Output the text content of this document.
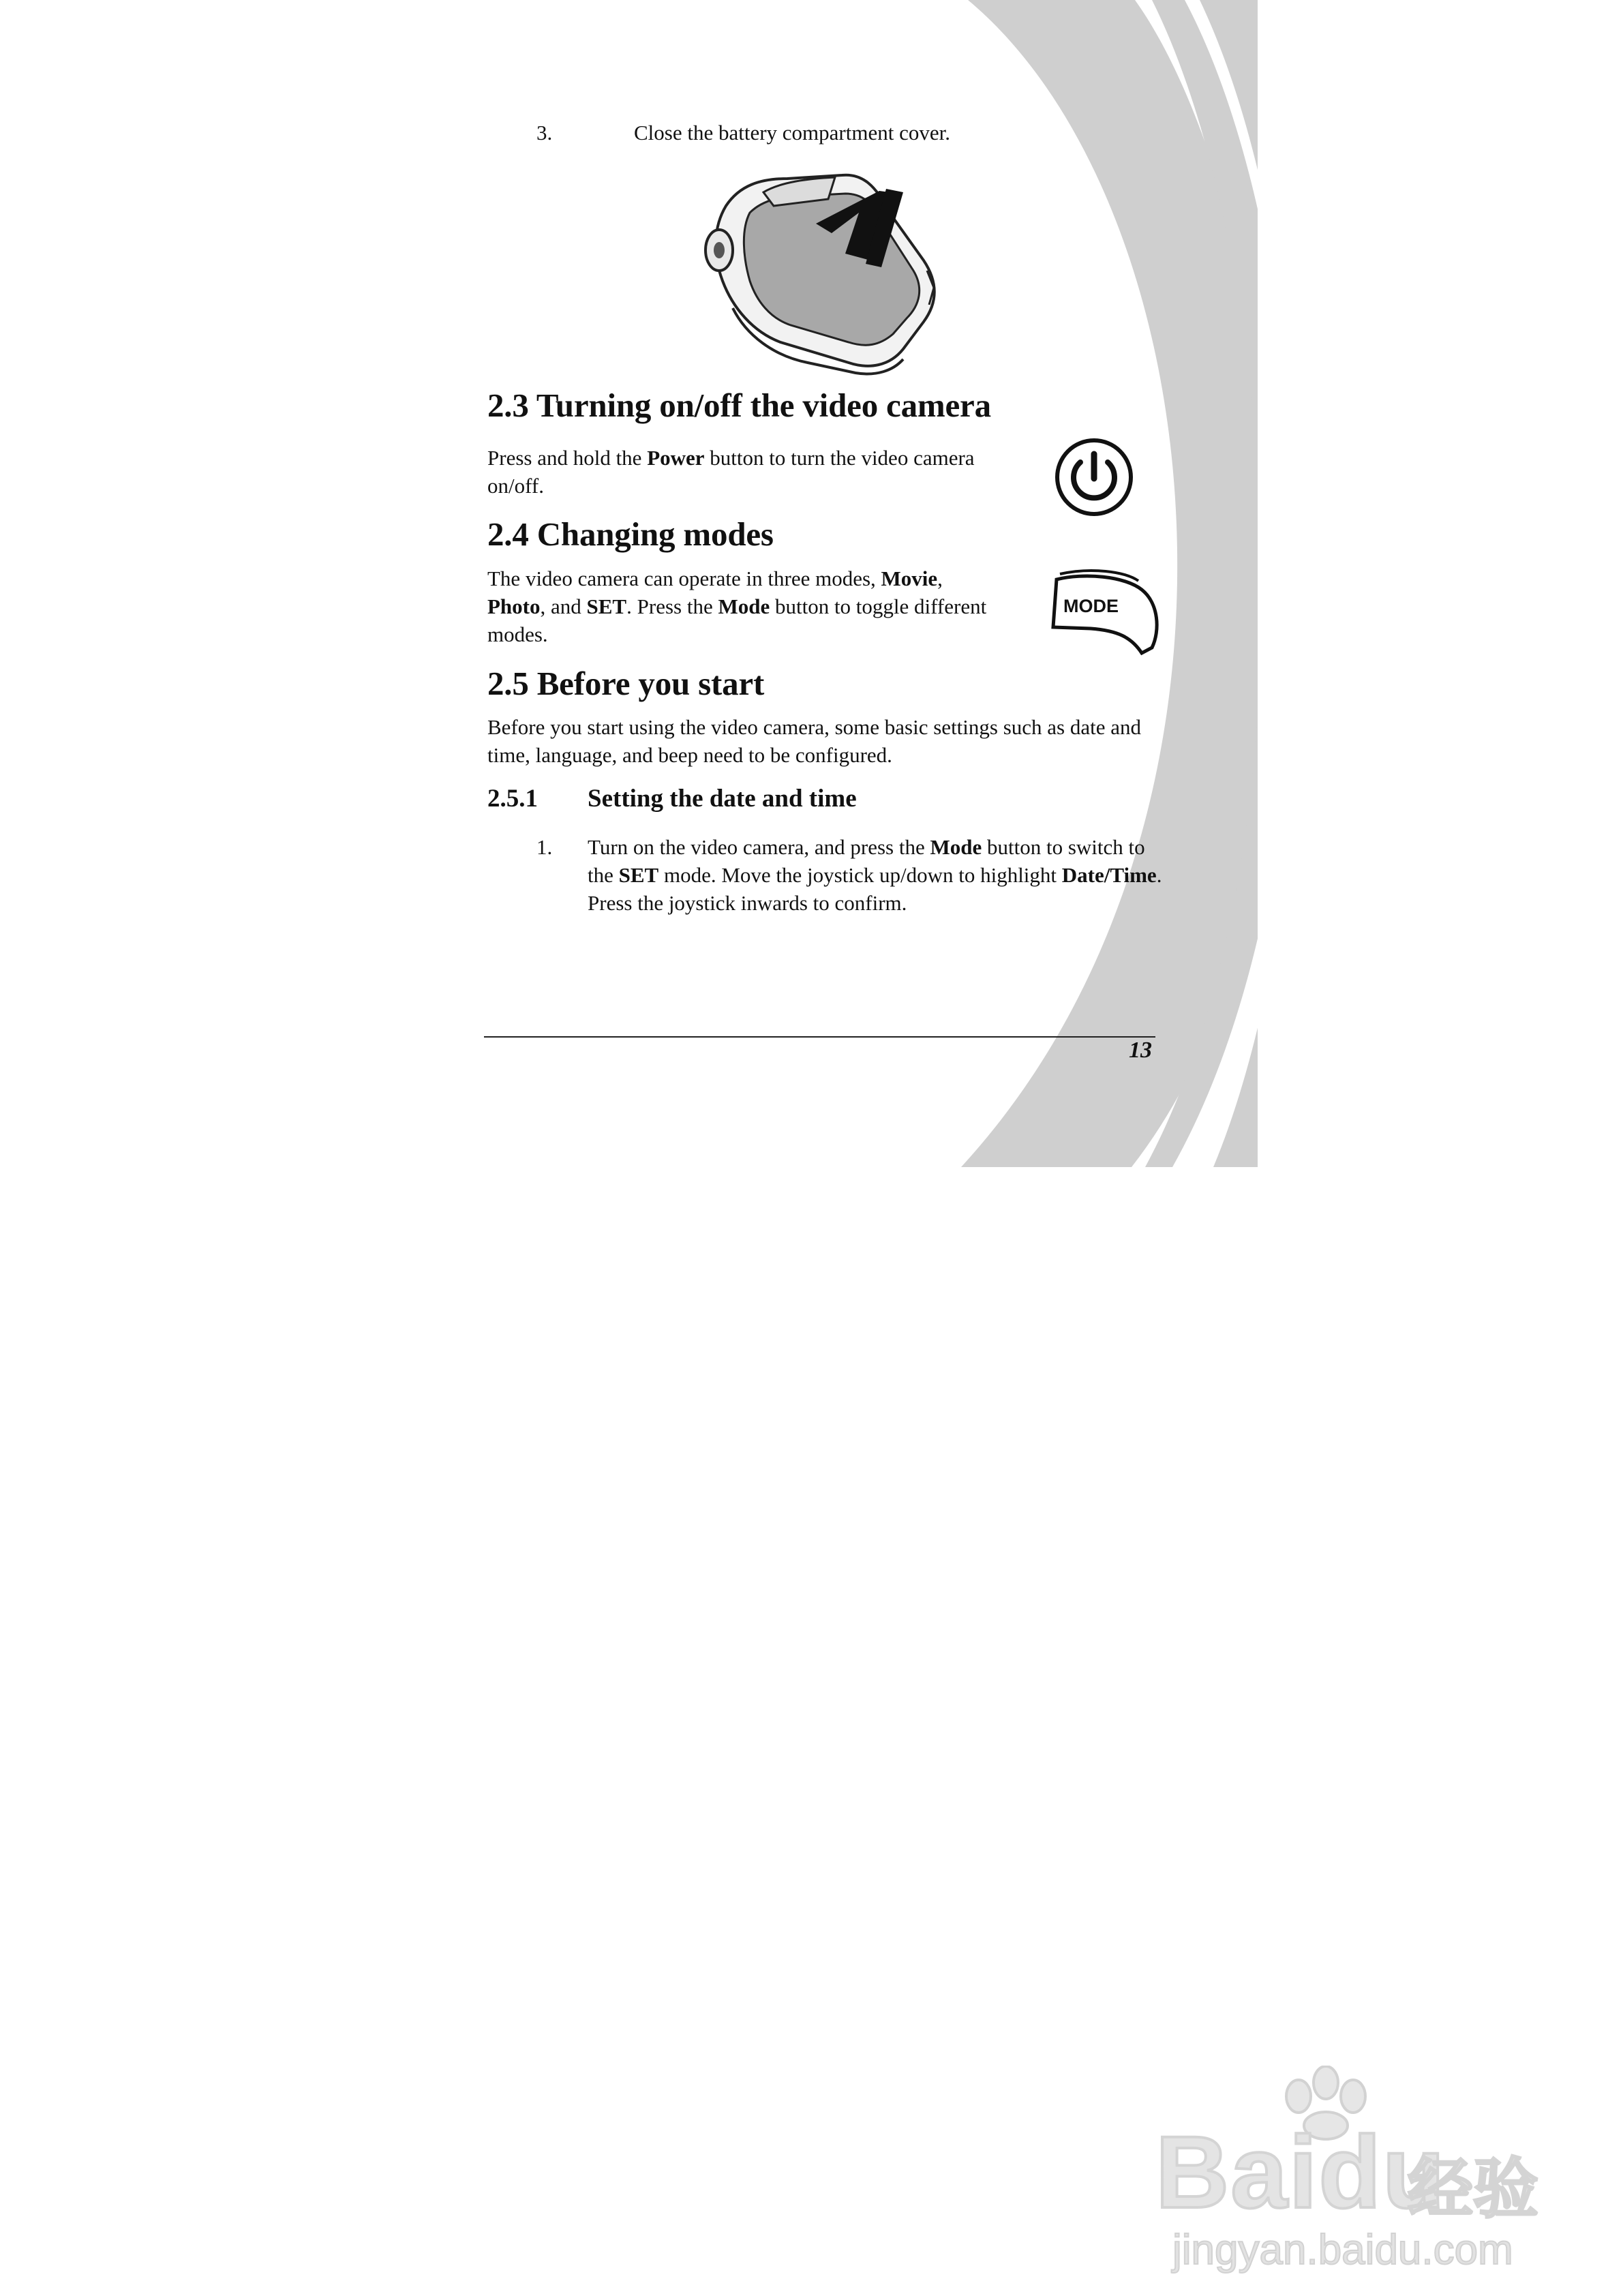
3.	Close the battery compartment cover.
2.3 Turning on/off the video camera

Press and hold the Power button to turn the video camera on/off.

2.4 Changing modes

The video camera can operate in three modes, Movie,
Photo, and SET. Press the Mode button to toggle different modes.

MODE
2.5 Before you start

Before you start using the video camera, some basic settings such as date and time, language, and beep need to be configured.

2.5.1 Setting the date and time
1. Turn on the video camera, and press the Mode button to switch to the SET mode. Move the joystick up/down to highlight Date/Time. Press the joystick inwards to confirm.
13
Baidu
经验
jingyan.baidu.com
